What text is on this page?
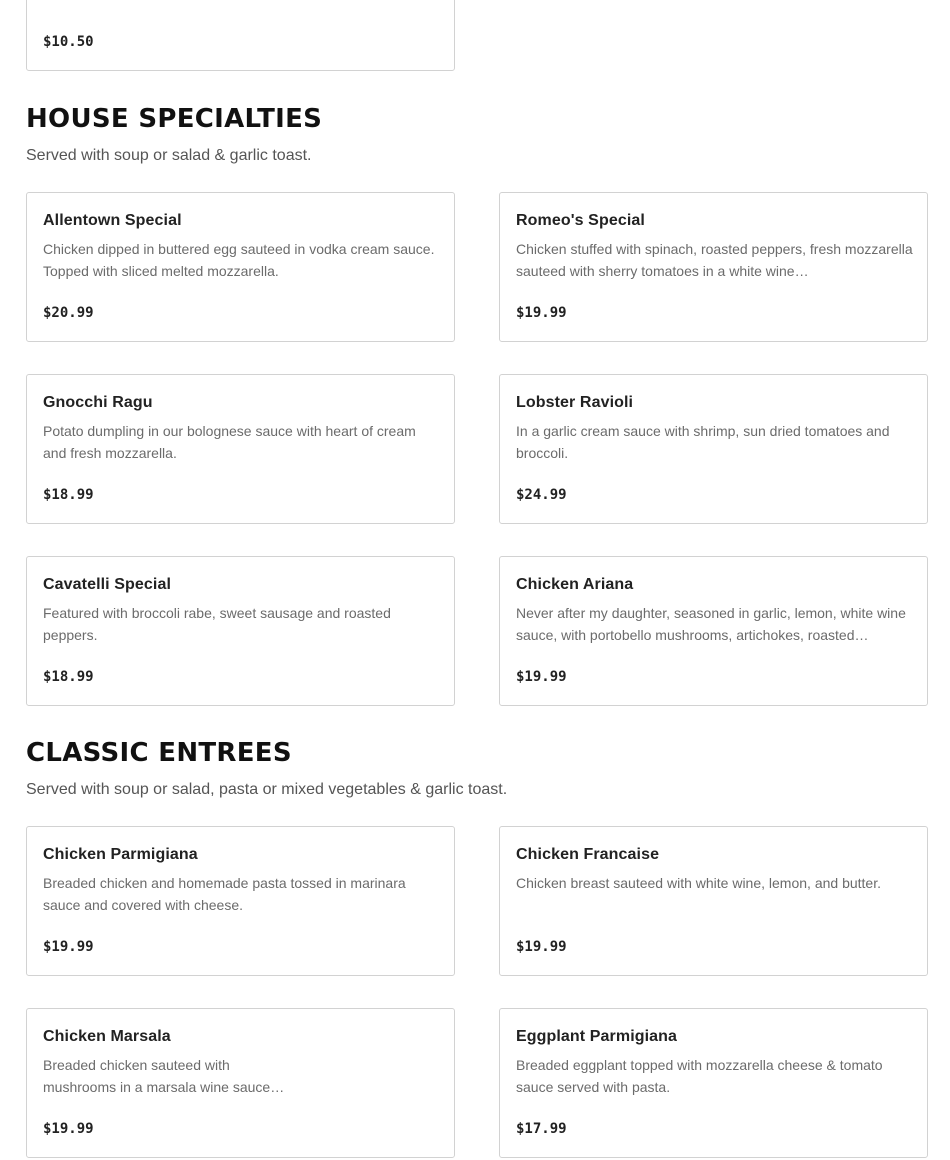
$10.50
HOUSE SPECIALTIES

Served with soup or salad & garlic toast.

Allentown Special
Chicken dipped in buttered egg sauteed in vodka cream sauce. Topped with sliced melted mozzarella.
$20.99
Romeo's Special
Chicken stuffed with spinach, roasted peppers, fresh mozzarella sauteed with sherry tomatoes in a white wine…
$19.99
Gnocchi Ragu
Potato dumpling in our bolognese sauce with heart of cream and fresh mozzarella.
$18.99
Lobster Ravioli
In a garlic cream sauce with shrimp, sun dried tomatoes and broccoli.
$24.99
Cavatelli Special
Featured with broccoli rabe, sweet sausage and roasted peppers.
$18.99
Chicken Ariana
Never after my daughter, seasoned in garlic, lemon, white wine sauce, with portobello mushrooms, artichokes, roasted…
$19.99
CLASSIC ENTREES

Served with soup or salad, pasta or mixed vegetables & garlic toast.

Chicken Parmigiana
Breaded chicken and homemade pasta tossed in marinara sauce and covered with cheese.
$19.99
Chicken Francaise
Chicken breast sauteed with white wine, lemon, and butter.
$19.99
Chicken Marsala
Breaded chicken sauteed with
mushrooms in a marsala wine sauce…
$19.99
Eggplant Parmigiana
Breaded eggplant topped with mozzarella cheese & tomato sauce served with pasta.
$17.99
